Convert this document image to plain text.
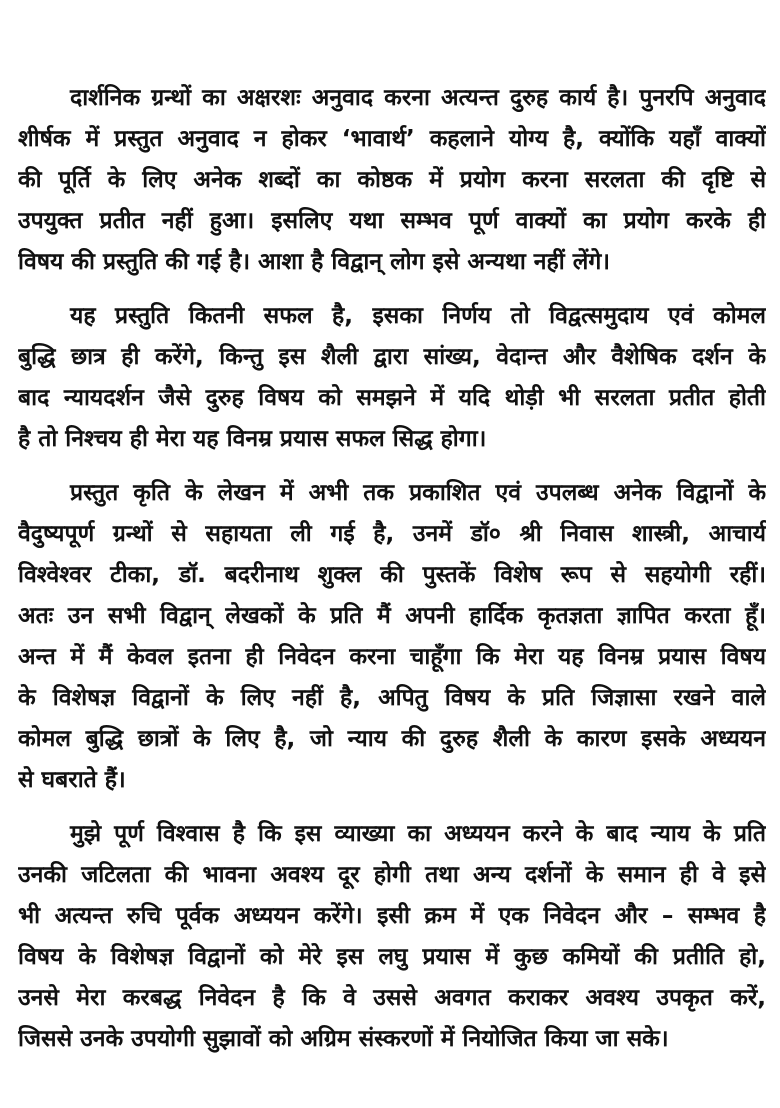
दार्शनिक ग्रन्थों का अक्षरशः अनुवाद करना अत्यन्त दुरुह कार्य है। पुनरपि अनुवाद
शीर्षक में प्रस्तुत अनुवाद न होकर ‘भावार्थ’ कहलाने योग्य है, क्योंकि यहाँ वाक्यों
की पूर्ति के लिए अनेक शब्दों का कोष्ठक में प्रयोग करना सरलता की दृष्टि से
उपयुक्त प्रतीत नहीं हुआ। इसलिए यथा सम्भव पूर्ण वाक्यों का प्रयोग करके ही
विषय की प्रस्तुति की गई है। आशा है विद्वान् लोग इसे अन्यथा नहीं लेंगे।
यह प्रस्तुति कितनी सफल है, इसका निर्णय तो विद्वत्समुदाय एवं कोमल
बुद्धि छात्र ही करेंगे, किन्तु इस शैली द्वारा सांख्य, वेदान्त और वैशेषिक दर्शन के
बाद न्यायदर्शन जैसे दुरुह विषय को समझने में यदि थोड़ी भी सरलता प्रतीत होती
है तो निश्चय ही मेरा यह विनम्र प्रयास सफल सिद्ध होगा।
प्रस्तुत कृति के लेखन में अभी तक प्रकाशित एवं उपलब्ध अनेक विद्वानों के
वैदुष्यपूर्ण ग्रन्थों से सहायता ली गई है, उनमें डॉ० श्री निवास शास्त्री, आचार्य
विश्वेश्वर टीका, डॉ. बदरीनाथ शुक्ल की पुस्तकें विशेष रूप से सहयोगी रहीं।
अतः उन सभी विद्वान् लेखकों के प्रति मैं अपनी हार्दिक कृतज्ञता ज्ञापित करता हूँ।
अन्त में मैं केवल इतना ही निवेदन करना चाहूँगा कि मेरा यह विनम्र प्रयास विषय
के विशेषज्ञ विद्वानों के लिए नहीं है, अपितु विषय के प्रति जिज्ञासा रखने वाले
कोमल बुद्धि छात्रों के लिए है, जो न्याय की दुरुह शैली के कारण इसके अध्ययन
से घबराते हैं।
मुझे पूर्ण विश्वास है कि इस व्याख्या का अध्ययन करने के बाद न्याय के प्रति
उनकी जटिलता की भावना अवश्य दूर होगी तथा अन्य दर्शनों के समान ही वे इसे
भी अत्यन्त रुचि पूर्वक अध्ययन करेंगे। इसी क्रम में एक निवेदन और – सम्भव है
विषय के विशेषज्ञ विद्वानों को मेरे इस लघु प्रयास में कुछ कमियों की प्रतीति हो,
उनसे मेरा करबद्ध निवेदन है कि वे उससे अवगत कराकर अवश्य उपकृत करें,
जिससे उनके उपयोगी सुझावों को अग्रिम संस्करणों में नियोजित किया जा सके।
